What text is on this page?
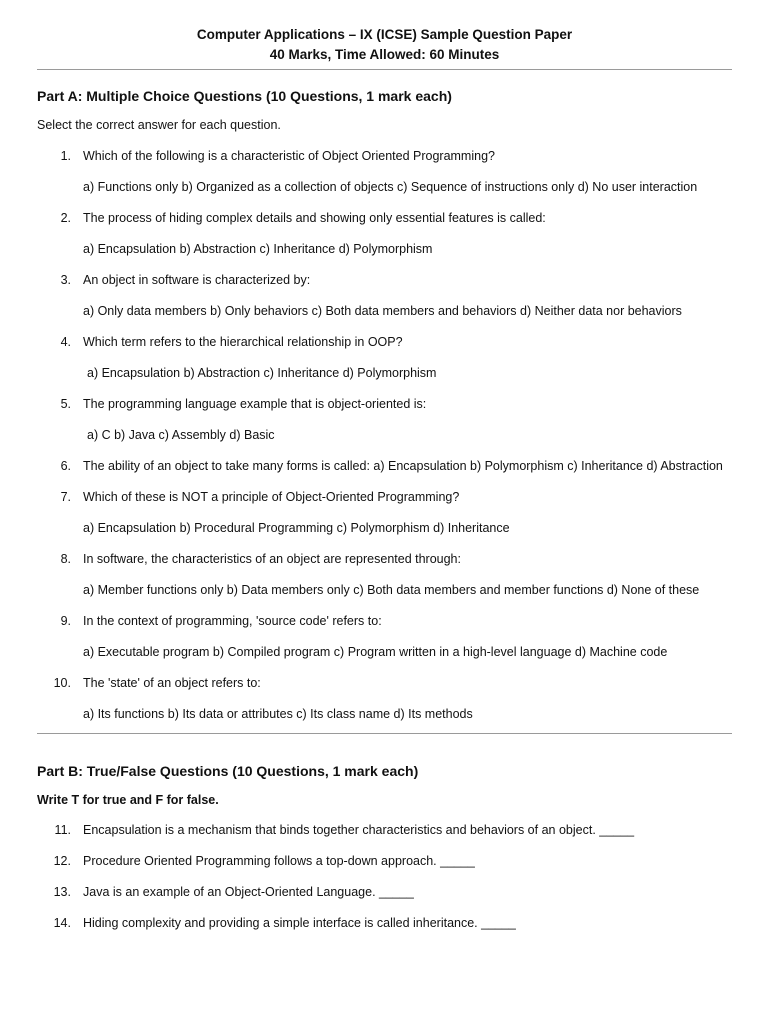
Computer Applications – IX (ICSE) Sample Question Paper
40 Marks, Time Allowed: 60 Minutes
Part A: Multiple Choice Questions (10 Questions, 1 mark each)
Select the correct answer for each question.
1. Which of the following is a characteristic of Object Oriented Programming?
a) Functions only b) Organized as a collection of objects c) Sequence of instructions only d) No user interaction
2. The process of hiding complex details and showing only essential features is called:
a) Encapsulation b) Abstraction c) Inheritance d) Polymorphism
3. An object in software is characterized by:
a) Only data members b) Only behaviors c) Both data members and behaviors d) Neither data nor behaviors
4. Which term refers to the hierarchical relationship in OOP?
a) Encapsulation b) Abstraction c) Inheritance d) Polymorphism
5. The programming language example that is object-oriented is:
a) C b) Java c) Assembly d) Basic
6. The ability of an object to take many forms is called: a) Encapsulation b) Polymorphism c) Inheritance d) Abstraction
7. Which of these is NOT a principle of Object-Oriented Programming?
a) Encapsulation b) Procedural Programming c) Polymorphism d) Inheritance
8. In software, the characteristics of an object are represented through:
a) Member functions only b) Data members only c) Both data members and member functions d) None of these
9. In the context of programming, 'source code' refers to:
a) Executable program b) Compiled program c) Program written in a high-level language d) Machine code
10. The 'state' of an object refers to:
a) Its functions b) Its data or attributes c) Its class name d) Its methods
Part B: True/False Questions (10 Questions, 1 mark each)
Write T for true and F for false.
11. Encapsulation is a mechanism that binds together characteristics and behaviors of an object. _____
12. Procedure Oriented Programming follows a top-down approach. _____
13. Java is an example of an Object-Oriented Language. _____
14. Hiding complexity and providing a simple interface is called inheritance. _____
